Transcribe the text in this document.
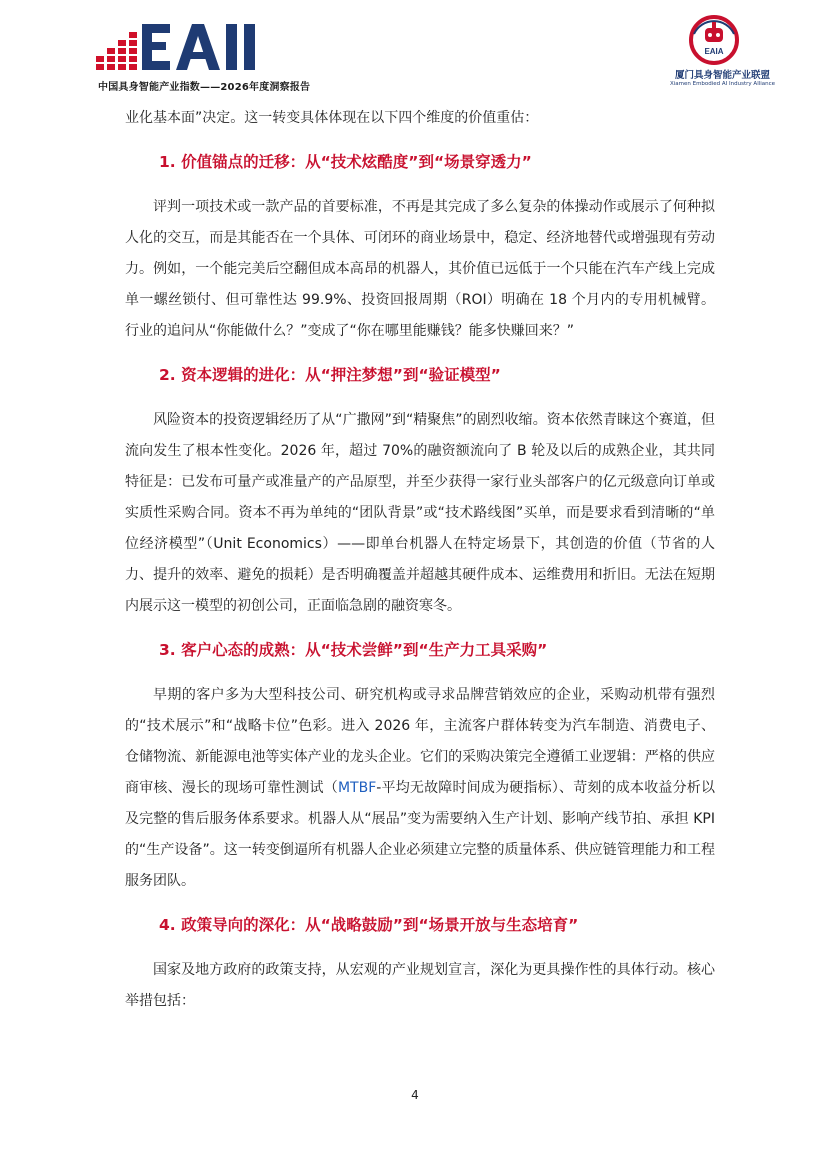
中国具身智能产业指数——2026年度洞察报告
EAIA
厦门具身智能产业联盟
Xiamen Embodied AI Industry Alliance

业化基本面”决定。这一转变具体体现在以下四个维度的价值重估：

1. 价值锚点的迁移：从“技术炫酷度”到“场景穿透力”

评判一项技术或一款产品的首要标准，不再是其完成了多么复杂的体操动作或展示了何种拟人化的交互，而是其能否在一个具体、可闭环的商业场景中，稳定、经济地替代或增强现有劳动力。例如，一个能完美后空翻但成本高昂的机器人，其价值已远低于一个只能在汽车产线上完成单一螺丝锁付、但可靠性达 99.9%、投资回报周期（ROI）明确在 18 个月内的专用机械臂。行业的追问从“你能做什么？”变成了“你在哪里能赚钱？能多快赚回来？”

2. 资本逻辑的进化：从“押注梦想”到“验证模型”

风险资本的投资逻辑经历了从“广撒网”到“精聚焦”的剧烈收缩。资本依然青睐这个赛道，但流向发生了根本性变化。2026 年，超过 70%的融资额流向了 B 轮及以后的成熟企业，其共同特征是：已发布可量产或准量产的产品原型，并至少获得一家行业头部客户的亿元级意向订单或实质性采购合同。资本不再为单纯的“团队背景”或“技术路线图”买单，而是要求看到清晰的“单位经济模型”（Unit Economics）——即单台机器人在特定场景下，其创造的价值（节省的人力、提升的效率、避免的损耗）是否明确覆盖并超越其硬件成本、运维费用和折旧。无法在短期内展示这一模型的初创公司，正面临急剧的融资寒冬。

3. 客户心态的成熟：从“技术尝鲜”到“生产力工具采购”

早期的客户多为大型科技公司、研究机构或寻求品牌营销效应的企业，采购动机带有强烈的“技术展示”和“战略卡位”色彩。进入 2026 年，主流客户群体转变为汽车制造、消费电子、仓储物流、新能源电池等实体产业的龙头企业。它们的采购决策完全遵循工业逻辑：严格的供应商审核、漫长的现场可靠性测试（MTBF-平均无故障时间成为硬指标）、苛刻的成本收益分析以及完整的售后服务体系要求。机器人从“展品”变为需要纳入生产计划、影响产线节拍、承担 KPI 的“生产设备”。这一转变倒逼所有机器人企业必须建立完整的质量体系、供应链管理能力和工程服务团队。

4. 政策导向的深化：从“战略鼓励”到“场景开放与生态培育”

国家及地方政府的政策支持，从宏观的产业规划宣言，深化为更具操作性的具体行动。核心举措包括：

4
